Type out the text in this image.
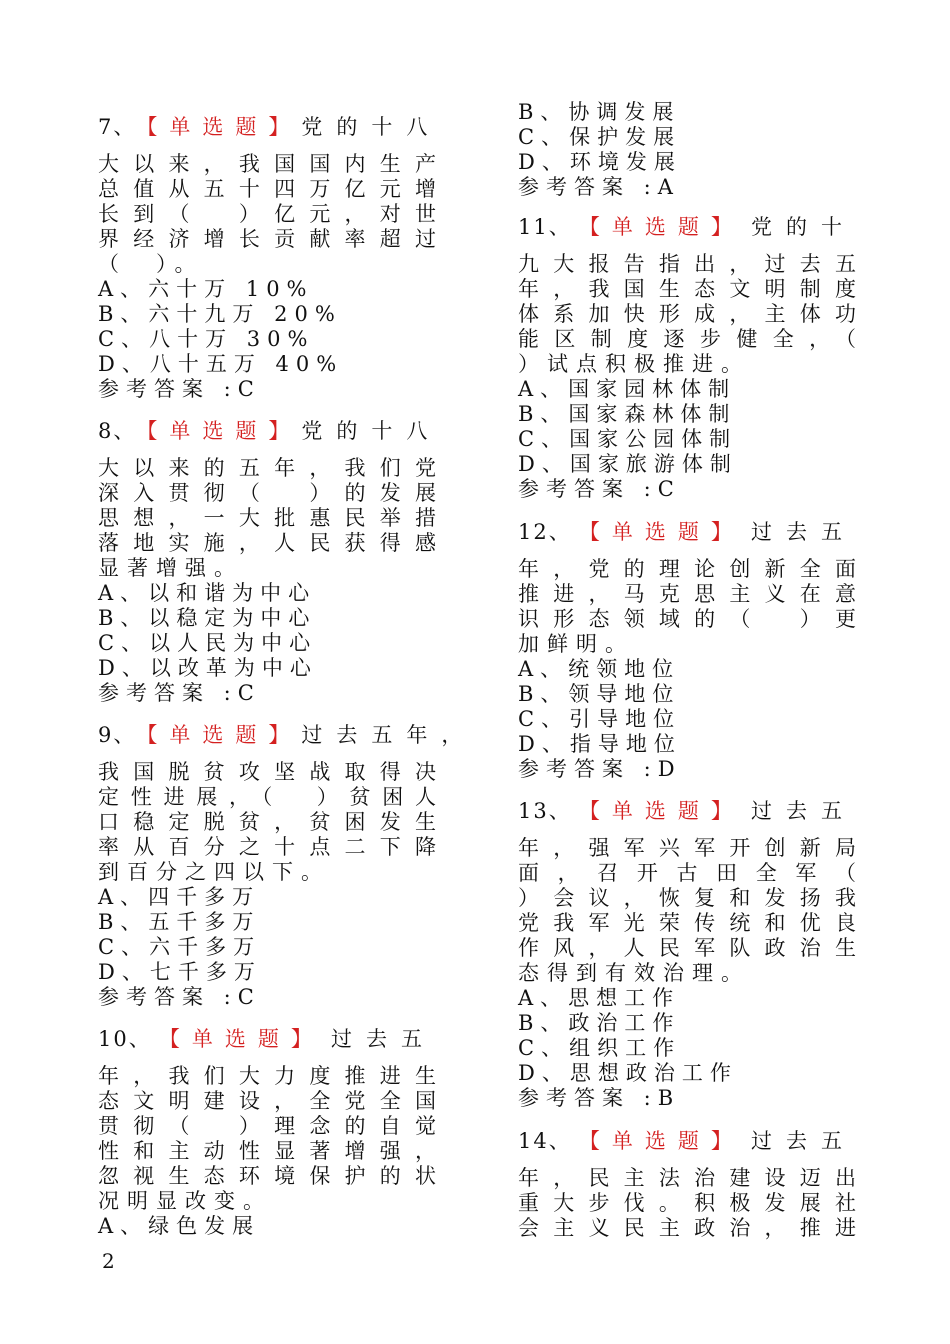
7、 【单选题】 党的十八
大以来，我国国内生产
总值从五十四万亿元增
长到（　）亿元，对世
界经济增长贡献率超过
（　）。
A、六十万 10%
B、六十九万 20%
C、八十万 30%
D、八十五万 40%
参考答案 :C
8、 【单选题】 党的十八
大以来的五年，我们党
深入贯彻（　）的发展
思想，一大批惠民举措
落地实施，人民获得感
显著增强。
A、以和谐为中心
B、以稳定为中心
C、以人民为中心
D、以改革为中心
参考答案 :C
9、 【单选题】 过去五年，
我国脱贫攻坚战取得决
定性进展，（　）贫困人
口稳定脱贫，贫困发生
率从百分之十点二下降
到百分之四以下。
A、四千多万
B、五千多万
C、六千多万
D、七千多万
参考答案 :C
10、 【单选题】 过去五
年，我们大力度推进生
态文明建设，全党全国
贯彻（　）理念的自觉
性和主动性显著增强，
忽视生态环境保护的状
况明显改变。
A、绿色发展
B、协调发展
C、保护发展
D、环境发展
参考答案 :A
11、 【单选题】 党的十
九大报告指出，过去五
年，我国生态文明制度
体系加快形成，主体功
能区制度逐步健全，（
）试点积极推进。
A、国家园林体制
B、国家森林体制
C、国家公园体制
D、国家旅游体制
参考答案 :C
12、 【单选题】 过去五
年，党的理论创新全面
推进，马克思主义在意
识形态领域的（　）更
加鲜明。
A、统领地位
B、领导地位
C、引导地位
D、指导地位
参考答案 :D
13、 【单选题】 过去五
年，强军兴军开创新局
面，召开古田全军（
）会议，恢复和发扬我
党我军光荣传统和优良
作风，人民军队政治生
态得到有效治理。
A、思想工作
B、政治工作
C、组织工作
D、思想政治工作
参考答案 :B
14、 【单选题】 过去五
年，民主法治建设迈出
重大步伐。积极发展社
会主义民主政治，推进
2
